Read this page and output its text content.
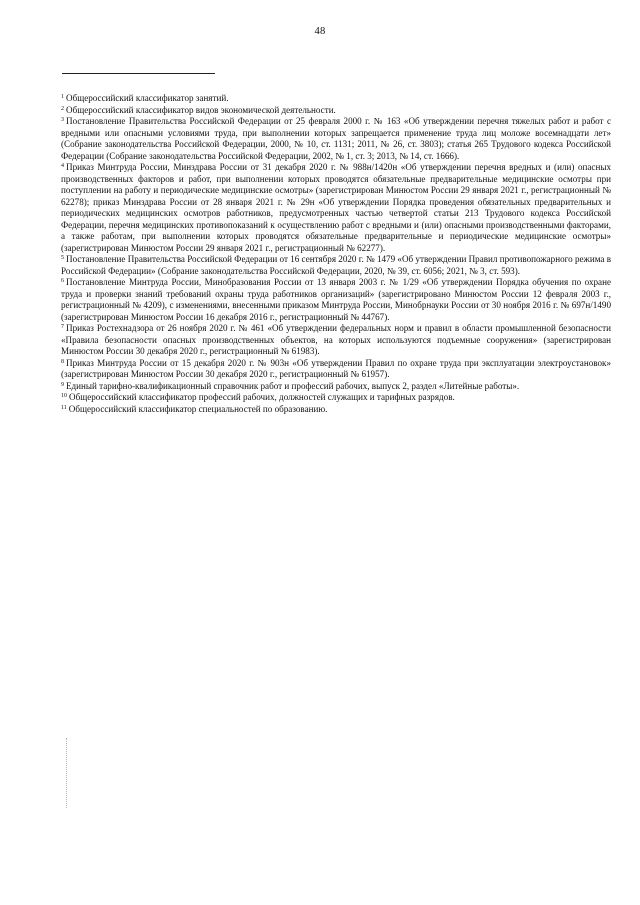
48

$^1$ Общероссийский классификатор занятий.

$^2$ Общероссийский классификатор видов экономической деятельности.

$^3$ Постановление Правительства Российской Федерации от 25 февраля 2000 г. № 163 «Об утверждении перечня тяжелых работ и работ с вредными или опасными условиями труда, при выполнении которых запрещается применение труда лиц моложе восемнадцати лет» (Собрание законодательства Российской Федерации, 2000, № 10, ст. 1131; 2011, № 26, ст. 3803); статья 265 Трудового кодекса Российской Федерации (Собрание законодательства Российской Федерации, 2002, № 1, ст. 3; 2013, № 14, ст. 1666).

$^4$ Приказ Минтруда России, Минздрава России от 31 декабря 2020 г. № 988н/1420н «Об утверждении перечня вредных и (или) опасных производственных факторов и работ, при выполнении которых проводятся обязательные предварительные медицинские осмотры при поступлении на работу и периодические медицинские осмотры» (зарегистрирован Минюстом России 29 января 2021 г., регистрационный № 62278); приказ Минздрава России от 28 января 2021 г. № 29н «Об утверждении Порядка проведения обязательных предварительных и периодических медицинских осмотров работников, предусмотренных частью четвертой статьи 213 Трудового кодекса Российской Федерации, перечня медицинских противопоказаний к осуществлению работ с вредными и (или) опасными производственными факторами, а также работам, при выполнении которых проводятся обязательные предварительные и периодические медицинские осмотры» (зарегистрирован Минюстом России 29 января 2021 г., регистрационный № 62277).

$^5$ Постановление Правительства Российской Федерации от 16 сентября 2020 г. № 1479 «Об утверждении Правил противопожарного режима в Российской Федерации» (Собрание законодательства Российской Федерации, 2020, № 39, ст. 6056; 2021, № 3, ст. 593).

$^6$ Постановление Минтруда России, Минобразования России от 13 января 2003 г. № 1/29 «Об утверждении Порядка обучения по охране труда и проверки знаний требований охраны труда работников организаций» (зарегистрировано Минюстом России 12 февраля 2003 г., регистрационный № 4209), с изменениями, внесенными приказом Минтруда России, Минобрнауки России от 30 ноября 2016 г. № 697н/1490 (зарегистрирован Минюстом России 16 декабря 2016 г., регистрационный № 44767).

$^7$ Приказ Ростехнадзора от 26 ноября 2020 г. № 461 «Об утверждении федеральных норм и правил в области промышленной безопасности «Правила безопасности опасных производственных объектов, на которых используются подъемные сооружения» (зарегистрирован Минюстом России 30 декабря 2020 г., регистрационный № 61983).

$^8$ Приказ Минтруда России от 15 декабря 2020 г. № 903н «Об утверждении Правил по охране труда при эксплуатации электроустановок» (зарегистрирован Минюстом России 30 декабря 2020 г., регистрационный № 61957).

$^9$ Единый тарифно-квалификационный справочник работ и профессий рабочих, выпуск 2, раздел «Литейные работы».

$^{10}$ Общероссийский классификатор профессий рабочих, должностей служащих и тарифных разрядов.

$^{11}$ Общероссийский классификатор специальностей по образованию.
